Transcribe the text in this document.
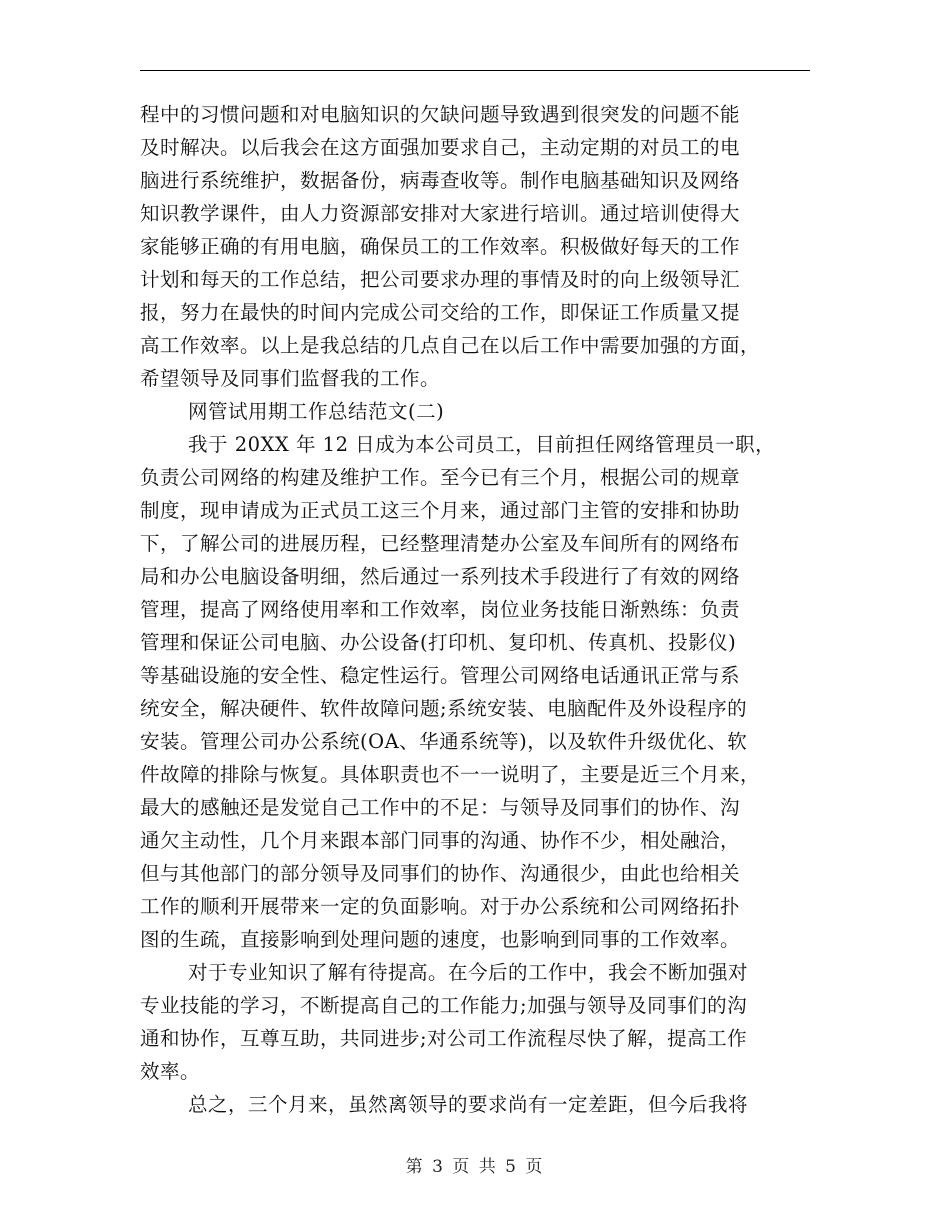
程中的习惯问题和对电脑知识的欠缺问题导致遇到很突发的问题不能
及时解决。以后我会在这方面强加要求自己，主动定期的对员工的电
脑进行系统维护，数据备份，病毒查收等。制作电脑基础知识及网络
知识教学课件，由人力资源部安排对大家进行培训。通过培训使得大
家能够正确的有用电脑，确保员工的工作效率。积极做好每天的工作
计划和每天的工作总结，把公司要求办理的事情及时的向上级领导汇
报，努力在最快的时间内完成公司交给的工作，即保证工作质量又提
高工作效率。以上是我总结的几点自己在以后工作中需要加强的方面，
希望领导及同事们监督我的工作。
网管试用期工作总结范文(二)
我于 20XX 年 12 日成为本公司员工，目前担任网络管理员一职，
负责公司网络的构建及维护工作。至今已有三个月，根据公司的规章
制度，现申请成为正式员工这三个月来，通过部门主管的安排和协助
下，了解公司的进展历程，已经整理清楚办公室及车间所有的网络布
局和办公电脑设备明细，然后通过一系列技术手段进行了有效的网络
管理，提高了网络使用率和工作效率，岗位业务技能日渐熟练：负责
管理和保证公司电脑、办公设备(打印机、复印机、传真机、投影仪)
等基础设施的安全性、稳定性运行。管理公司网络电话通讯正常与系
统安全，解决硬件、软件故障问题;系统安装、电脑配件及外设程序的
安装。管理公司办公系统(OA、华通系统等)，以及软件升级优化、软
件故障的排除与恢复。具体职责也不一一说明了，主要是近三个月来，
最大的感触还是发觉自己工作中的不足：与领导及同事们的协作、沟
通欠主动性，几个月来跟本部门同事的沟通、协作不少，相处融洽，
但与其他部门的部分领导及同事们的协作、沟通很少，由此也给相关
工作的顺利开展带来一定的负面影响。对于办公系统和公司网络拓扑
图的生疏，直接影响到处理问题的速度，也影响到同事的工作效率。
对于专业知识了解有待提高。在今后的工作中，我会不断加强对
专业技能的学习，不断提高自己的工作能力;加强与领导及同事们的沟
通和协作，互尊互助，共同进步;对公司工作流程尽快了解，提高工作
效率。
总之，三个月来，虽然离领导的要求尚有一定差距，但今后我将
第 3 页 共 5 页
